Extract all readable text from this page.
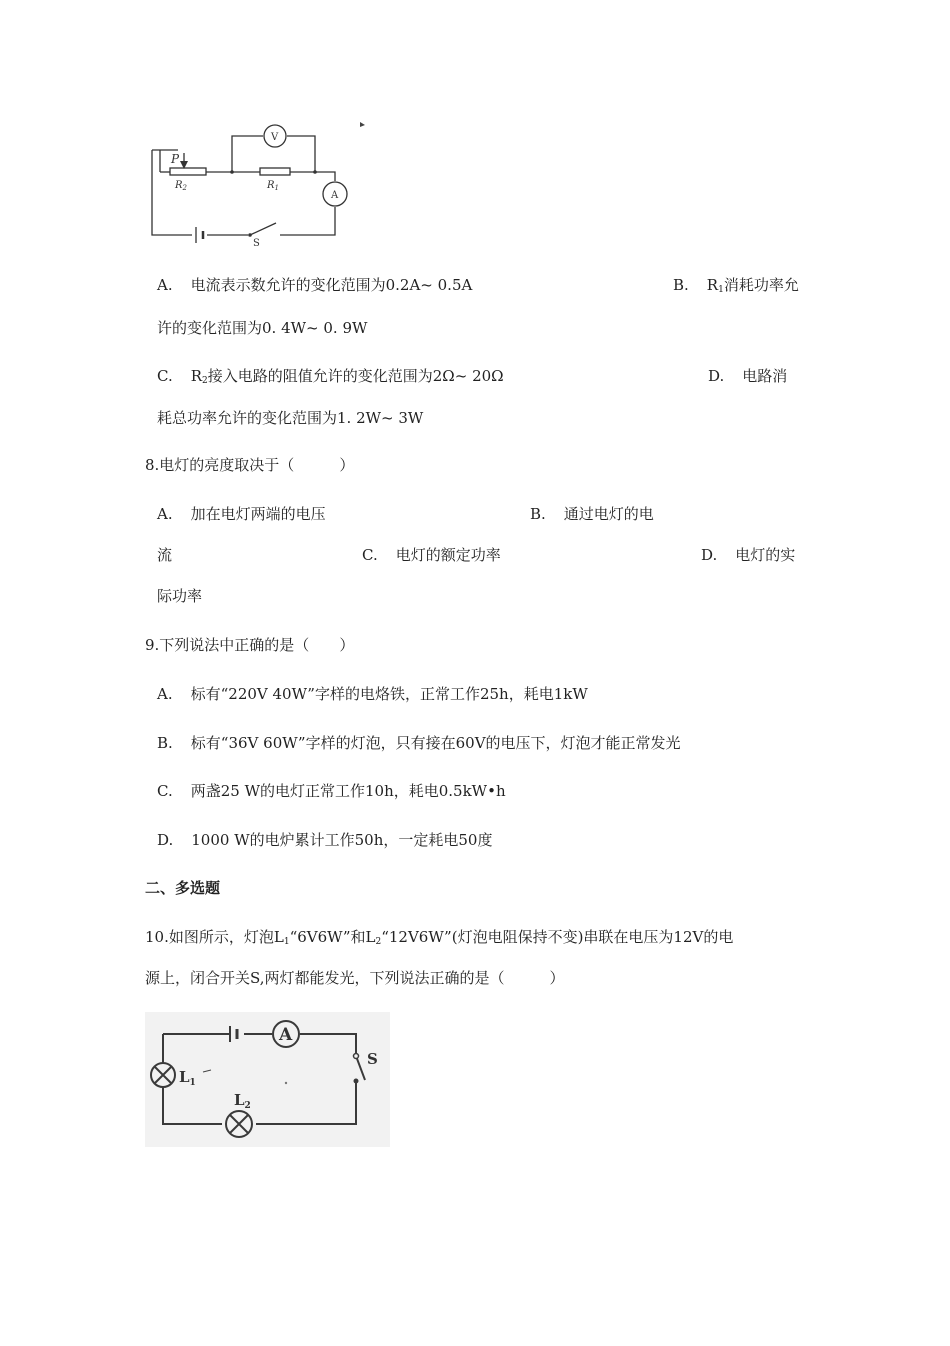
P
$R_2$	$R_1$
V
A
S
A. 电流表示数允许的变化范围为0.2A~ 0.5A	B. $R_1$消耗功率允
许的变化范围为0. 4W~ 0. 9W
C. $R_2$接入电路的阻值允许的变化范围为2Ω~ 20Ω	D. 电路消
耗总功率允许的变化范围为1. 2W~ 3W
8.电灯的亮度取决于（　　　）
A. 加在电灯两端的电压	B. 通过电灯的电
流	C. 电灯的额定功率	D. 电灯的实
际功率
9.下列说法中正确的是（　　）
A. 标有“220V 40W”字样的电烙铁，正常工作25h，耗电1kW
B. 标有“36V 60W”字样的灯泡，只有接在60V的电压下，灯泡才能正常发光
C. 两盏25 W的电灯正常工作10h，耗电0.5kW•h
D. 1000 W的电炉累计工作50h，一定耗电50度
二、多选题
10.如图所示，灯泡$L_1“6V6W$”和$L_2“12V6W$”(灯泡电阻保持不变)串联在电压为12V的电
源上，闭合开关S,两灯都能发光，下列说法正确的是（　　　）
A
S
$L_1$
$L_2$
